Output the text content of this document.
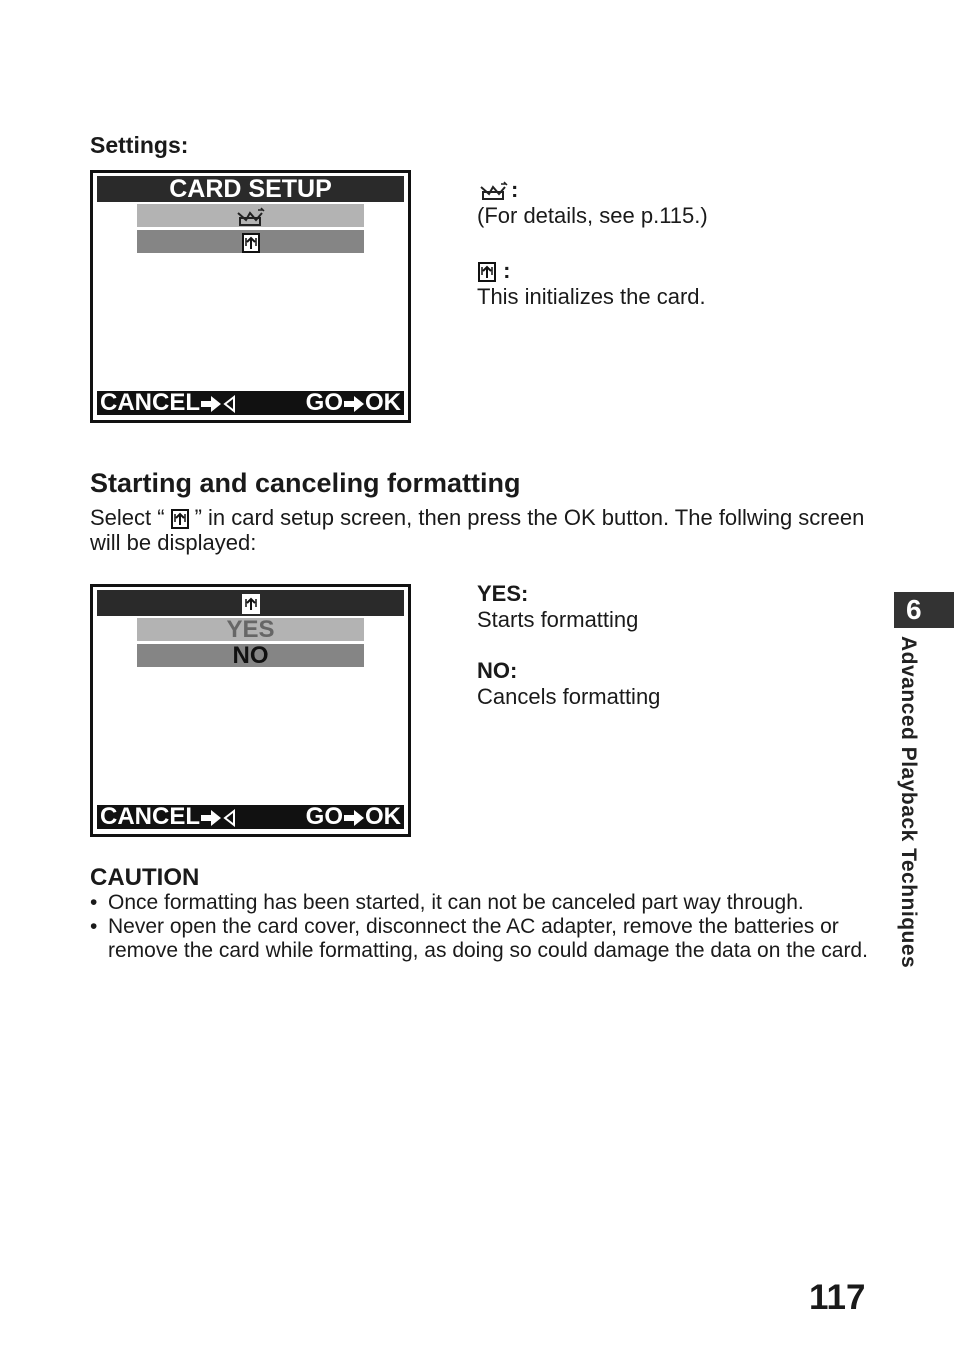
Settings:
CARD SETUP
CANCEL	GO OK
:
(For details, see p.115.)
:
This initializes the card.
Starting and canceling formatting
Select “ ” in card setup screen, then press the OK button. The follwing screen will be displayed:
YES
NO
CANCEL	GO OK
YES:
Starts formatting
NO:
Cancels formatting
CAUTION
• Once formatting has been started, it can not be canceled part way through.
• Never open the card cover, disconnect the AC adapter, remove the batteries or remove the card while formatting, as doing so could damage the data on the card.
6
Advanced Playback Techniques
117
